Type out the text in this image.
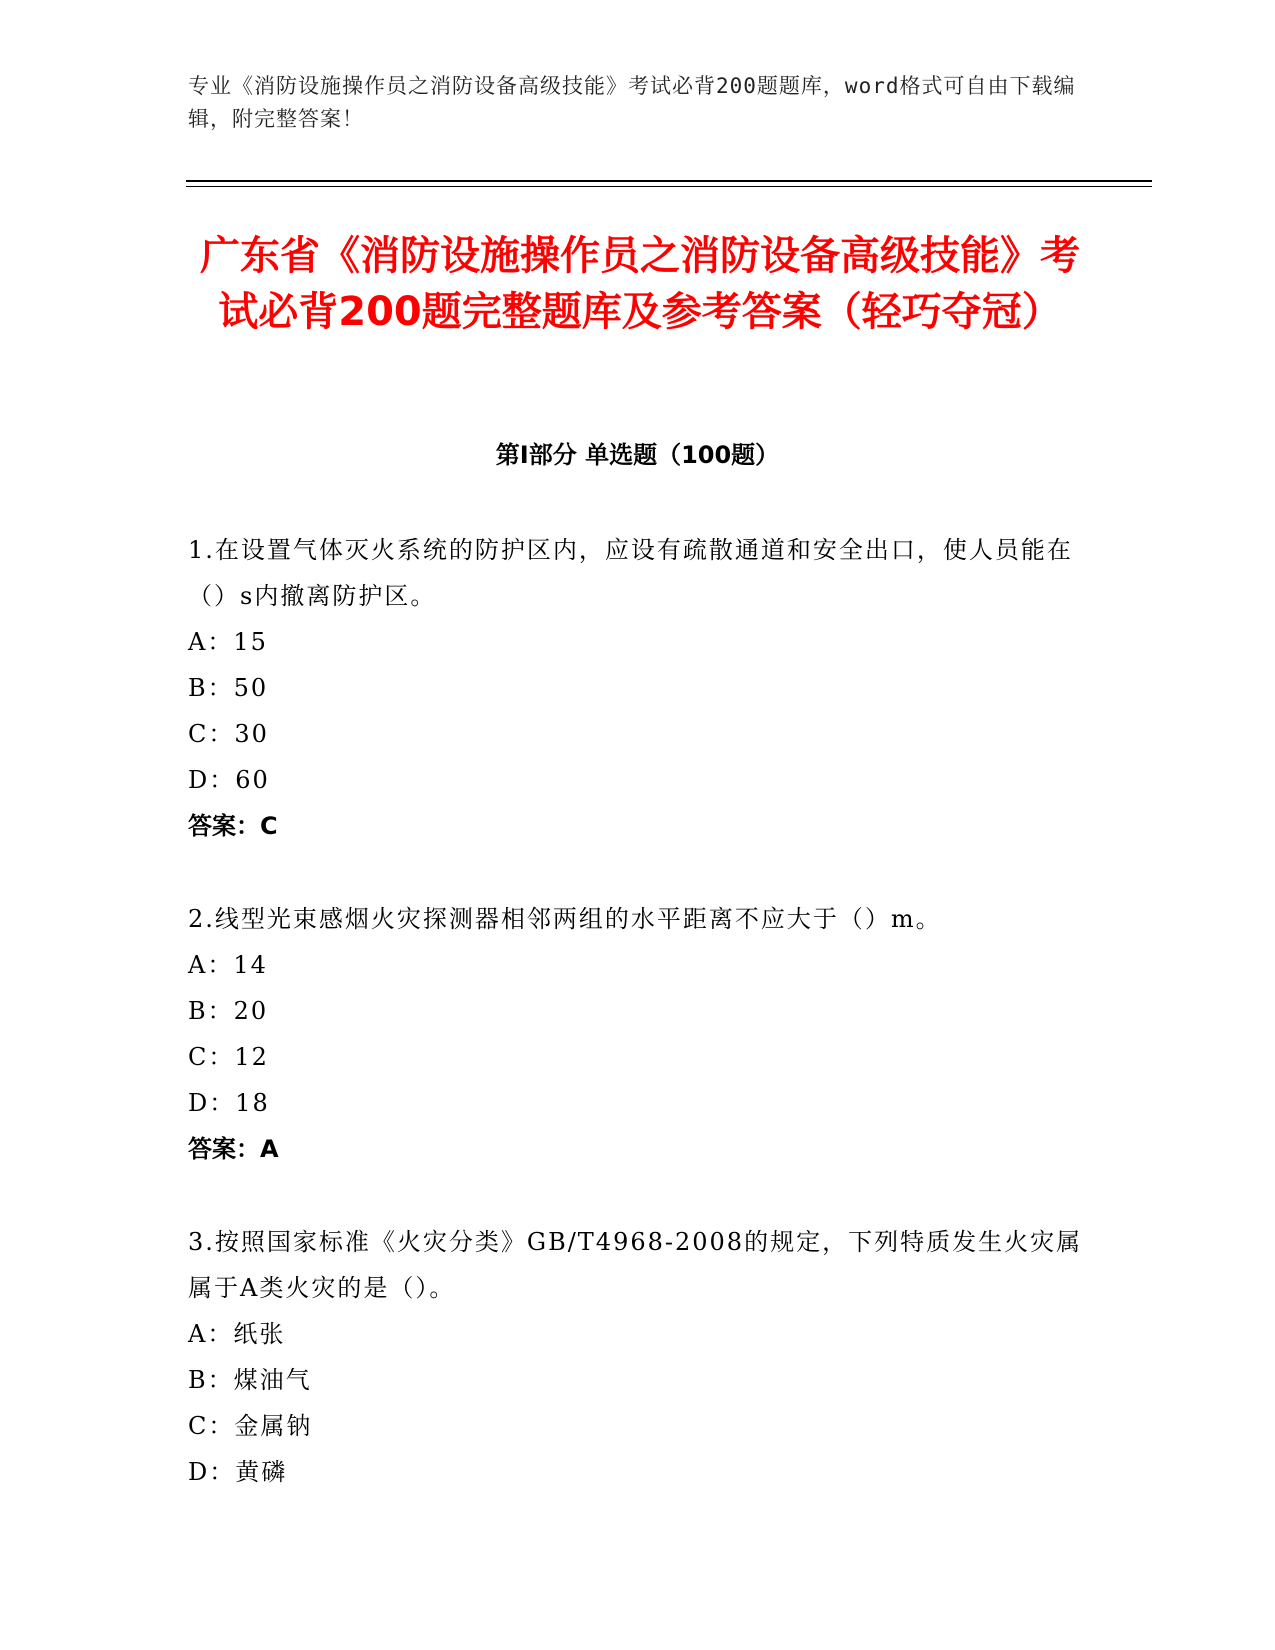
专业《消防设施操作员之消防设备高级技能》考试必背200题题库，word格式可自由下载编辑，附完整答案！
广东省《消防设施操作员之消防设备高级技能》考试必背200题完整题库及参考答案（轻巧夺冠）
第Ⅰ部分 单选题（100题）
1.在设置气体灭火系统的防护区内，应设有疏散通道和安全出口，使人员能在（）s内撤离防护区。
A：15
B：50
C：30
D：60
答案：C
2.线型光束感烟火灾探测器相邻两组的水平距离不应大于（）m。
A：14
B：20
C：12
D：18
答案：A
3.按照国家标准《火灾分类》GB/T4968-2008的规定，下列特质发生火灾属属于A类火灾的是（）。
A：纸张
B：煤油气
C：金属钠
D：黄磷
